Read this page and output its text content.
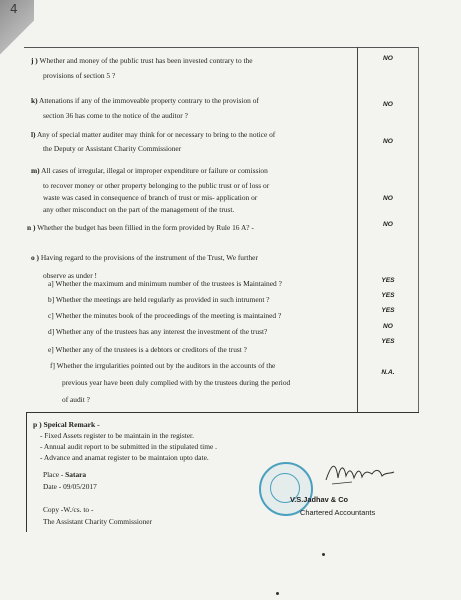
4
j ) Whether and money of the public trust has been invested contrary to the
provisions of section 5 ?
NO
k) Attenations if any of the immoveable property contrary to the provision of
section 36 has come to the notice of the auditor ?
NO
l) Any of special matter auditer may think for or necessary to bring to the notice of
the Deputy or Assistant Charity Commissioner
NO
m) All cases of irregular, illegal or improper expenditure or failure or comission
to recover money or other property belonging to the public trust or of loss or
waste was cased in consequence of branch of trust or mis- application or
any other misconduct on the part of the management of the trust.
NO
n ) Whether the budget has been fillied in the form provided by Rule 16 A? -	NO
o ) Having regard to the provisions of the instrument of the Trust, We further
observe as under !
a] Whether the maximum and minimum number of the trustees is Maintained ?	YES
b] Whether the meetings are held regularly as provided in such intrument ?	YES
c] Whether the minutes book of the proceedings of the meeting is maintained ?
YES
d] Whether any of the trustees has any interest the investment of the trust?
NO
e] Whether any of the trustees is a debtors or creditors of the trust ?
YES
f] Whether the irrgularities pointed out by the auditors in the accounts of the
previous year have been duly complied with by the trustees during the period
of audit ?
N.A.
p ) Speical Remark -
- Fixed Assets register to be maintain in the register.
- Annual audit report to be submitted in the stipulated time .
- Advance and anamat register to be maintaion upto date.
Place - Satara
Date - 09/05/2017
Copy -W./cs. to -
The Assistant Charity Commissioner
V.S.Jadhav & Co
Chartered Accountants
